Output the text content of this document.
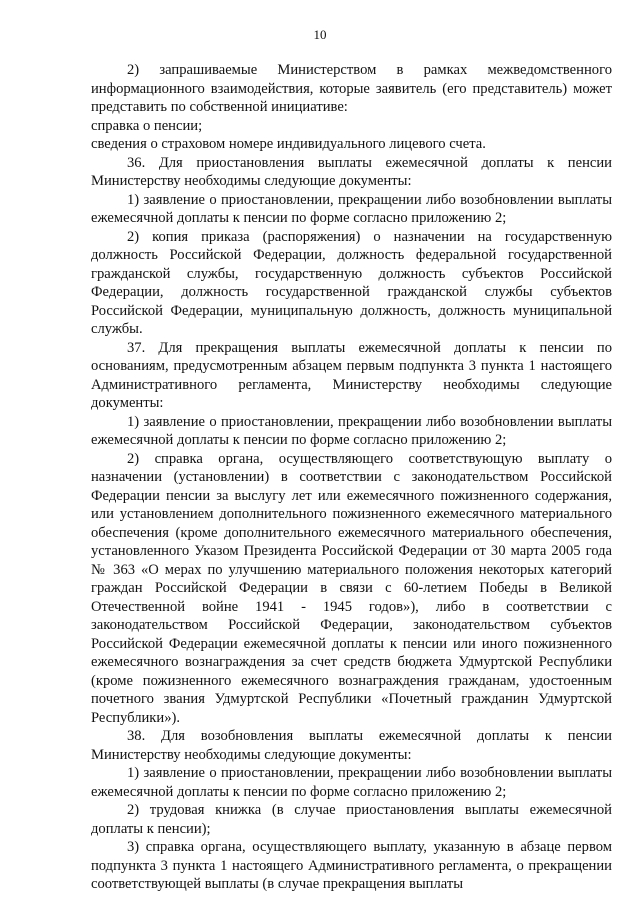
10

2) запрашиваемые Министерством в рамках межведомственного информационного взаимодействия, которые заявитель (его представитель) может представить по собственной инициативе:

справка о пенсии;

сведения о страховом номере индивидуального лицевого счета.

36. Для приостановления выплаты ежемесячной доплаты к пенсии Министерству необходимы следующие документы:

1) заявление о приостановлении, прекращении либо возобновлении выплаты ежемесячной доплаты к пенсии по форме согласно приложению 2;

2) копия приказа (распоряжения) о назначении на государственную должность Российской Федерации, должность федеральной государственной гражданской службы, государственную должность субъектов Российской Федерации, должность государственной гражданской службы субъектов Российской Федерации, муниципальную должность, должность муниципальной службы.

37. Для прекращения выплаты ежемесячной доплаты к пенсии по основаниям, предусмотренным абзацем первым подпункта 3 пункта 1 настоящего Административного регламента, Министерству необходимы следующие документы:

1) заявление о приостановлении, прекращении либо возобновлении выплаты ежемесячной доплаты к пенсии по форме согласно приложению 2;

2) справка органа, осуществляющего соответствующую выплату о назначении (установлении) в соответствии с законодательством Российской Федерации пенсии за выслугу лет или ежемесячного пожизненного содержания, или установлением дополнительного пожизненного ежемесячного материального обеспечения (кроме дополнительного ежемесячного материального обеспечения, установленного Указом Президента Российской Федерации от 30 марта 2005 года № 363 «О мерах по улучшению материального положения некоторых категорий граждан Российской Федерации в связи с 60-летием Победы в Великой Отечественной войне 1941 - 1945 годов»), либо в соответствии с законодательством Российской Федерации, законодательством субъектов Российской Федерации ежемесячной доплаты к пенсии или иного пожизненного ежемесячного вознаграждения за счет средств бюджета Удмуртской Республики (кроме пожизненного ежемесячного вознаграждения гражданам, удостоенным почетного звания Удмуртской Республики «Почетный гражданин Удмуртской Республики»).

38. Для возобновления выплаты ежемесячной доплаты к пенсии Министерству необходимы следующие документы:

1) заявление о приостановлении, прекращении либо возобновлении выплаты ежемесячной доплаты к пенсии по форме согласно приложению 2;

2) трудовая книжка (в случае приостановления выплаты ежемесячной доплаты к пенсии);

3) справка органа, осуществляющего выплату, указанную в абзаце первом подпункта 3 пункта 1 настоящего Административного регламента, о прекращении соответствующей выплаты (в случае прекращения выплаты
